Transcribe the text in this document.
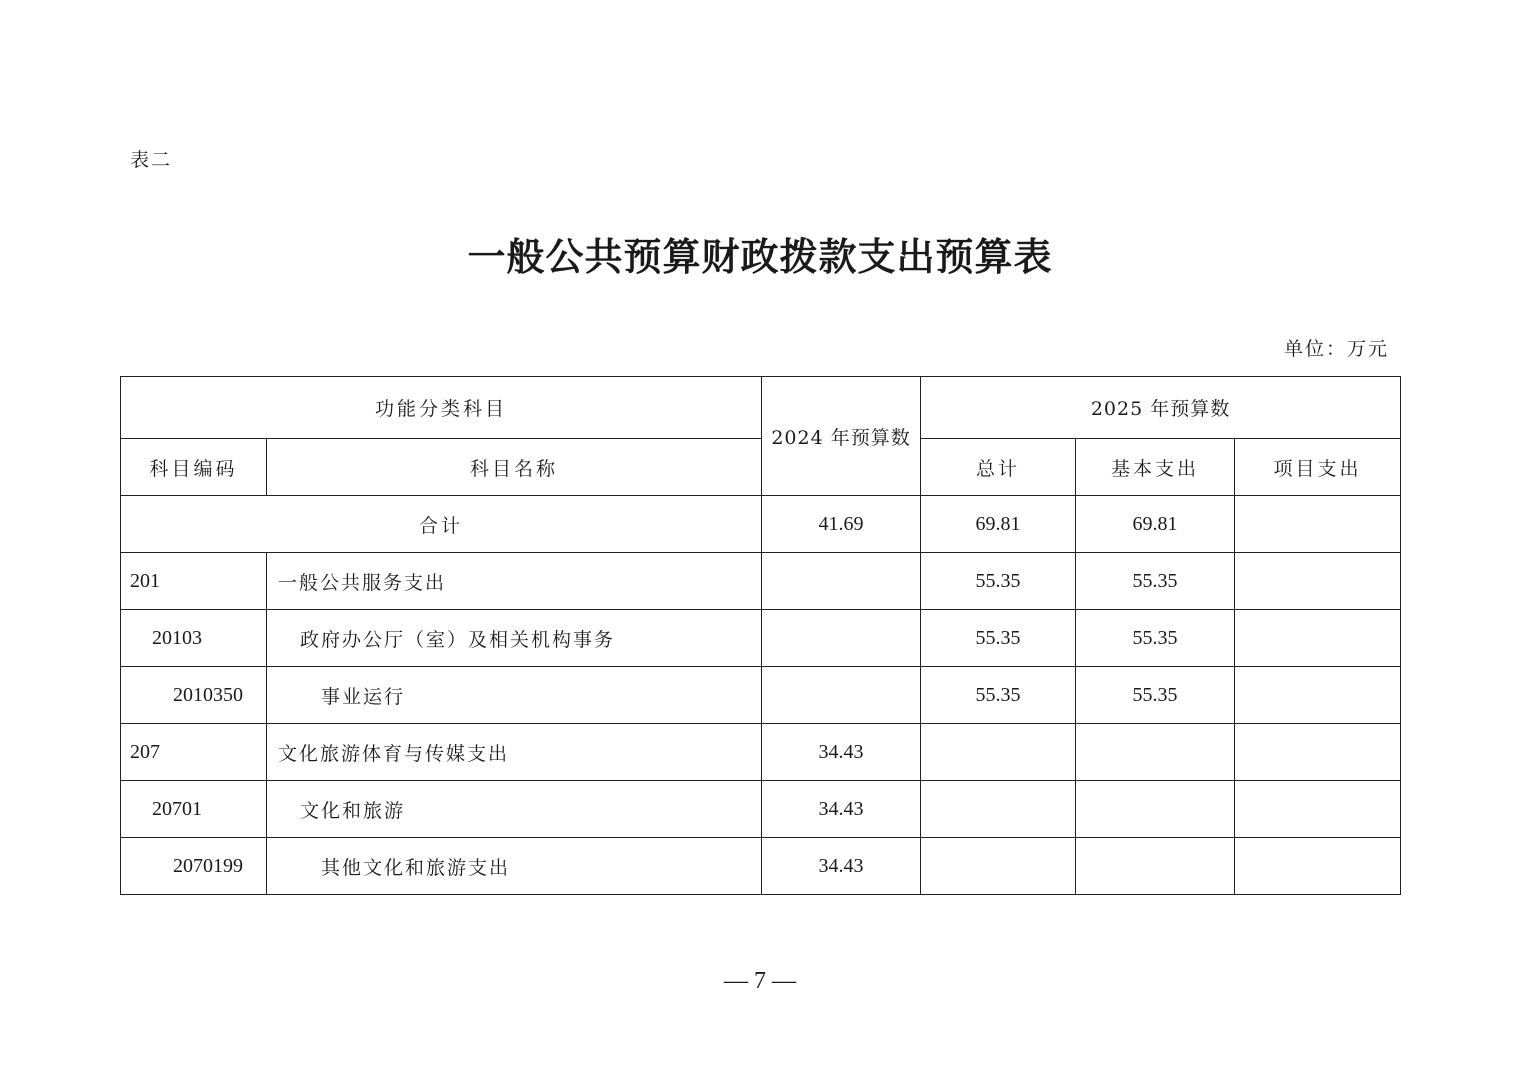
表二
一般公共预算财政拨款支出预算表
单位：万元
功能分类科目		2024 年预算数	2025 年预算数		
科目编码	科目名称		总计	基本支出	项目支出
合计		41.69	69.81	69.81	
201	一般公共服务支出		55.35	55.35	
20103	政府办公厅（室）及相关机构事务		55.35	55.35	
2010350	事业运行		55.35	55.35	
207	文化旅游体育与传媒支出	34.43			
20701	文化和旅游	34.43			
2070199	其他文化和旅游支出	34.43			
— 7 —
